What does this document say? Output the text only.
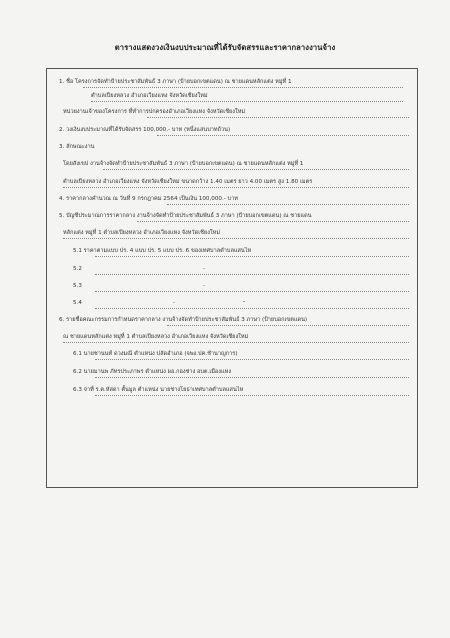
ตารางแสดงวงเงินงบประมาณที่ได้รับจัดสรรและราคากลางงานจ้าง
1. ชื่อ โครงการจัดทำป้ายประชาสัมพันธ์ 3 ภาษา (ป้ายบอกเขตแดน) ณ ชายแดนหลักแต่ง หมู่ที่ 1
ตำบลเปียงหลวง อำเภอเวียงแหง จังหวัดเชียงใหม่
หน่วยงานเจ้าของโครงการ ที่ทำการปกครองอำเภอเวียงแหง จังหวัดเชียงใหม่
2. วงเงินงบประมาณที่ได้รับจัดสรร 100,000.- บาท (หนึ่งแสนบาทถ้วน)
3. ลักษณะงาน
โดยสังเขป งานจ้างจัดทำป้ายประชาสัมพันธ์ 3 ภาษา (ป้ายบอกเขตแดน) ณ ชายแดนหลักแต่ง หมู่ที่ 1
ตำบลเปียงหลวง อำเภอเวียงแหง จังหวัดเชียงใหม่ ขนาดกว้าง 1.40 เมตร ยาว 4.00 เมตร สูง 1.80 เมตร
4. ราคากลางคำนวณ ณ วันที่ 9 กรกฎาคม 2564 เป็นเงิน 100,000.- บาท
5. บัญชีประมาณการราคากลาง งานจ้างจัดทำป้ายประชาสัมพันธ์ 3 ภาษา (ป้ายบอกเขตแดน) ณ ชายแดน
หลักแต่ง หมู่ที่ 1 ตำบลเปียงหลวง อำเภอเวียงแหง จังหวัดเชียงใหม่
5.1 ราคาตามแบบ ปร. 4 แบบ ปร. 5 แบบ ปร. 6 ของเทศบาลตำบลแสนไห
5.2
5.3
5.4
6. รายชื่อคณะกรรมการกำหนดราคากลาง งานจ้างจัดทำป้ายประชาสัมพันธ์ 3 ภาษา (ป้ายบอกเขตแดน)
ณ ชายแดนหลักแต่ง หมู่ที่ 1 ตำบลเปียงหลวง อำเภอเวียงแหง จังหวัดเชียงใหม่
6.1 นายชานนท์ ดวงมณี ตำแหน่ง ปลัดอำเภอ (จพง.ปค.ชำนาญการ)
6.2 นายมานพ ภัทรประภาพร ตำแหน่ง ผอ.กองช่าง อบต.เมืองแหง
6.3 จ่าที่ ร.ต.หัสดา ตั้นมูล ตำแหน่ง นายช่างโยธาเทศบาลตำบลแสนไห
-
-
-	.
